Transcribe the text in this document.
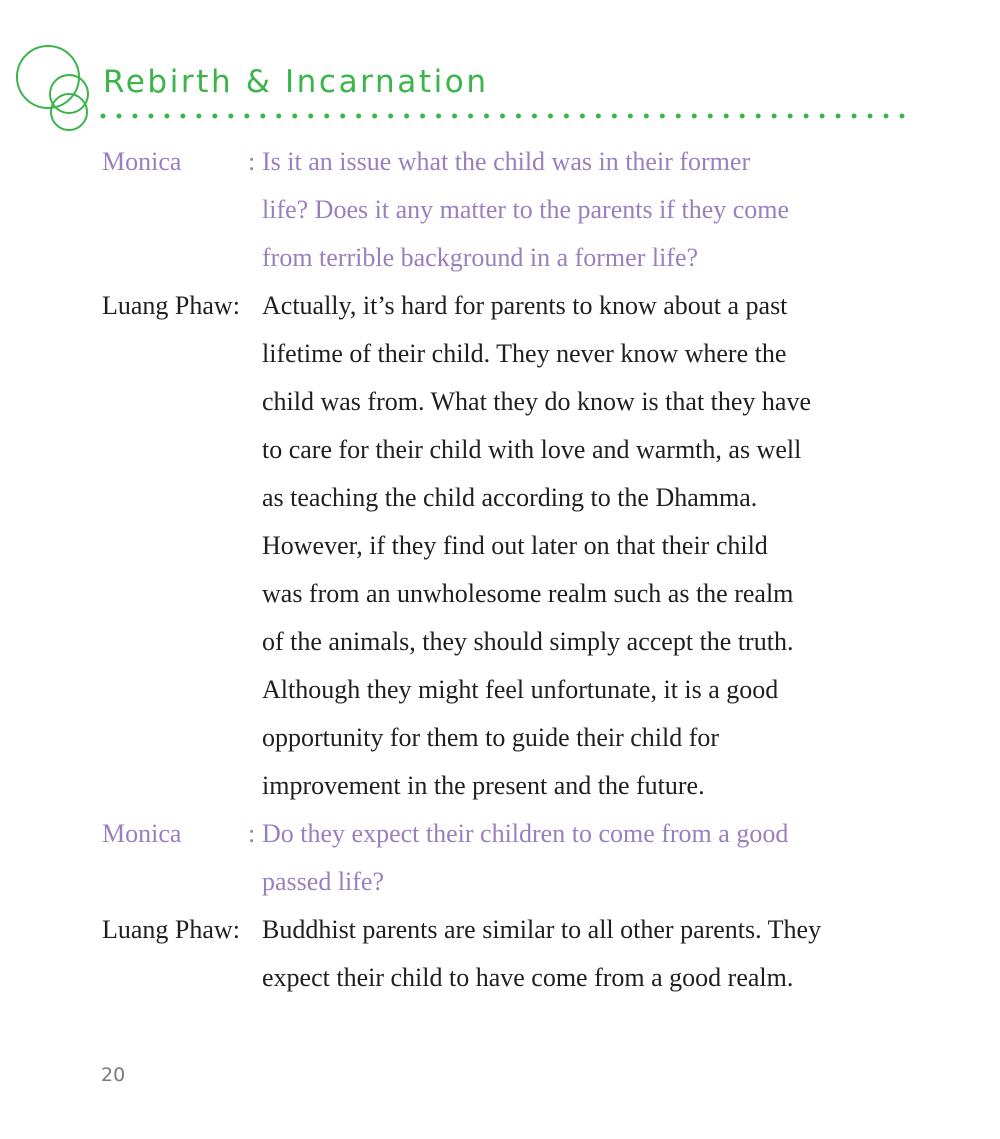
Rebirth & Incarnation
Monica	: Is it an issue what the child was in their former
life? Does it any matter to the parents if they come
from terrible background in a former life?
Luang Phaw: Actually, it’s hard for parents to know about a past
lifetime of their child. They never know where the
child was from. What they do know is that they have
to care for their child with love and warmth, as well
as teaching the child according to the Dhamma.
However, if they find out later on that their child
was from an unwholesome realm such as the realm
of the animals, they should simply accept the truth.
Although they might feel unfortunate, it is a good
opportunity for them to guide their child for
improvement in the present and the future.
Monica	: Do they expect their children to come from a good
passed life?
Luang Phaw: Buddhist parents are similar to all other parents. They
expect their child to have come from a good realm.
20
